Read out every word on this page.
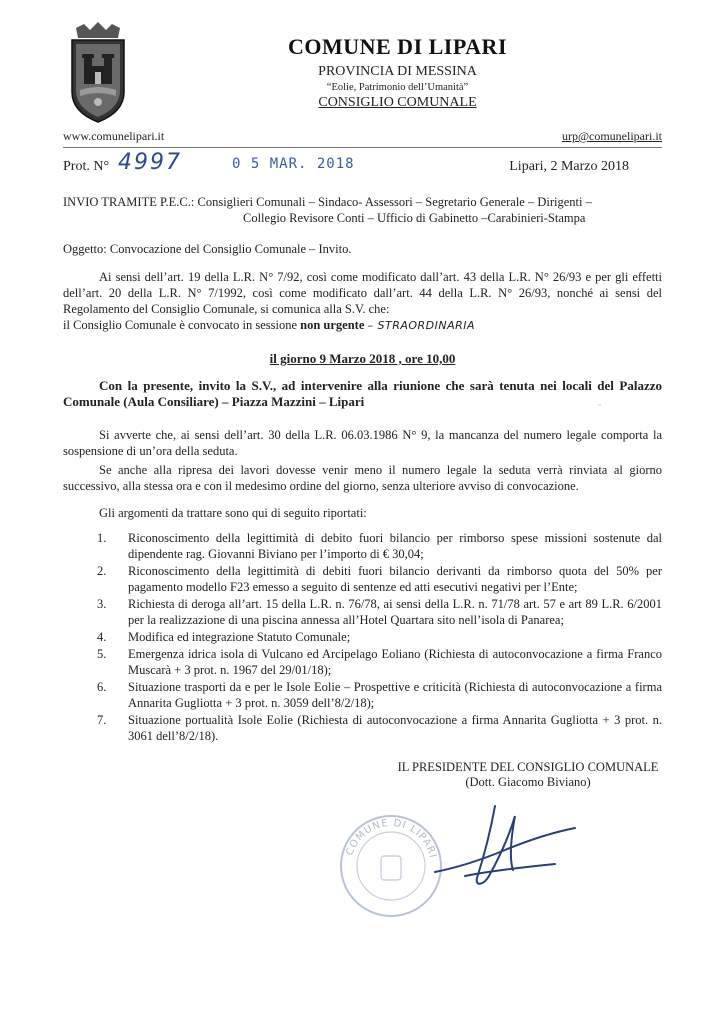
COMUNE DI LIPARI
PROVINCIA DI MESSINA
“Eolie, Patrimonio dell’Umanità”
CONSIGLIO COMUNALE
www.comunelipari.it	urp@comunelipari.it
Prot. N° 4997	0 5 MAR. 2018	Lipari, 2 Marzo 2018
INVIO TRAMITE P.E.C.: Consiglieri Comunali – Sindaco- Assessori – Segretario Generale – Dirigenti –
Collegio Revisore Conti – Ufficio di Gabinetto –Carabinieri-Stampa
Oggetto: Convocazione del Consiglio Comunale – Invito.
Ai sensi dell’art. 19 della L.R. N° 7/92, così come modificato dall’art. 43 della L.R. N° 26/93 e per gli effetti dell’art. 20 della L.R. N° 7/1992, così come modificato dall’art. 44 della L.R. N° 26/93, nonché ai sensi del Regolamento del Consiglio Comunale, si comunica alla S.V. che:
il Consiglio Comunale è convocato in sessione non urgente – STRAORDINARIA
il giorno 9 Marzo 2018 , ore 10,00
Con la presente, invito la S.V., ad intervenire alla riunione che sarà tenuta nei locali del Palazzo Comunale (Aula Consiliare) – Piazza Mazzini – Lipari	ᵕ
Si avverte che, ai sensi dell’art. 30 della L.R. 06.03.1986 N° 9, la mancanza del numero legale comporta la sospensione di un’ora della seduta.
Se anche alla ripresa dei lavori dovesse venir meno il numero legale la seduta verrà rinviata al giorno successivo, alla stessa ora e con il medesimo ordine del giorno, senza ulteriore avviso di convocazione.
Gli argomenti da trattare sono qui di seguito riportati:
1.	Riconoscimento della legittimità di debito fuori bilancio per rimborso spese missioni sostenute dal dipendente rag. Giovanni Biviano per l’importo di € 30,04;
2.	Riconoscimento della legittimità di debiti fuori bilancio derivanti da rimborso quota del 50% per pagamento modello F23 emesso a seguito di sentenze ed atti esecutivi negativi per l’Ente;
3.	Richiesta di deroga all’art. 15 della L.R. n. 76/78, ai sensi della L.R. n. 71/78 art. 57 e art 89 L.R. 6/2001 per la realizzazione di una piscina annessa all’Hotel Quartara sito nell’isola di Panarea;
4.	Modifica ed integrazione Statuto Comunale;
5.	Emergenza idrica isola di Vulcano ed Arcipelago Eoliano (Richiesta di autoconvocazione a firma Franco Muscarà + 3 prot. n. 1967 del 29/01/18);
6.	Situazione trasporti da e per le Isole Eolie – Prospettive e criticità (Richiesta di autoconvocazione a firma Annarita Gugliotta + 3 prot. n. 3059 dell’8/2/18);
7.	Situazione portualità Isole Eolie (Richiesta di autoconvocazione a firma Annarita Gugliotta + 3 prot. n. 3061 dell’8/2/18).
IL PRESIDENTE DEL CONSIGLIO COMUNALE
(Dott. Giacomo Biviano)
COMUNE DI LIPARI
